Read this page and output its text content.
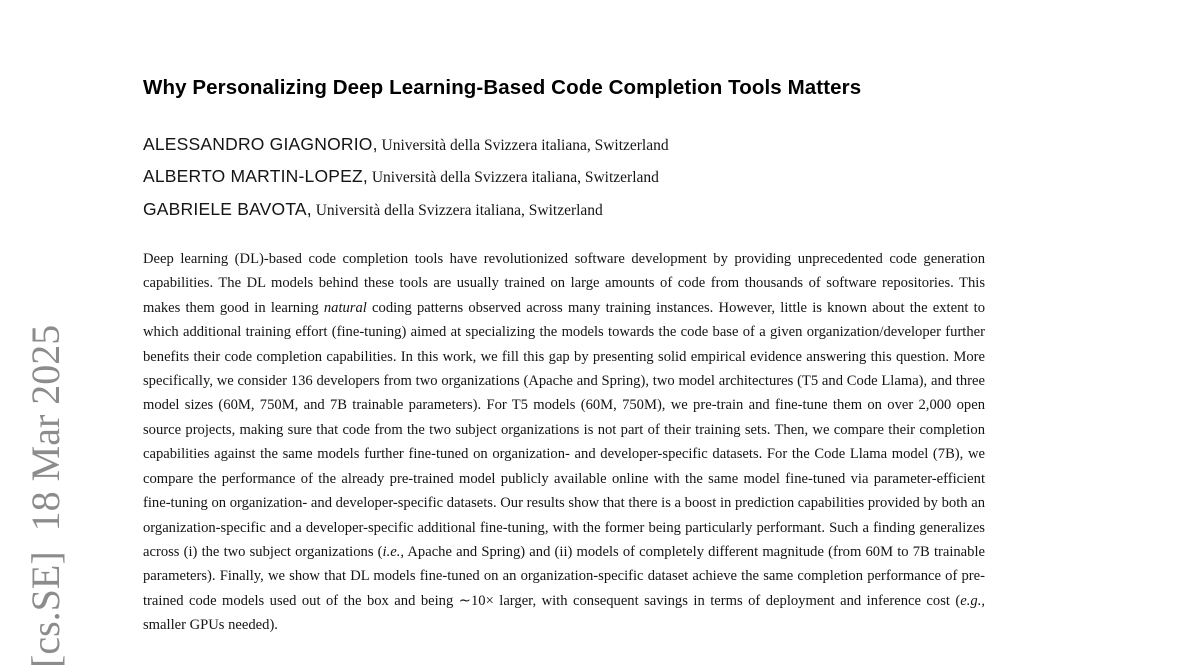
[cs.SE]  18 Mar 2025
Why Personalizing Deep Learning-Based Code Completion Tools Matters
ALESSANDRO GIAGNORIO, Università della Svizzera italiana, Switzerland
ALBERTO MARTIN-LOPEZ, Università della Svizzera italiana, Switzerland
GABRIELE BAVOTA, Università della Svizzera italiana, Switzerland

Deep learning (DL)-based code completion tools have revolutionized software development by providing unprecedented code generation capabilities. The DL models behind these tools are usually trained on large amounts of code from thousands of software repositories. This makes them good in learning natural coding patterns observed across many training instances. However, little is known about the extent to which additional training effort (fine-tuning) aimed at specializing the models towards the code base of a given organization/developer further benefits their code completion capabilities. In this work, we fill this gap by presenting solid empirical evidence answering this question. More specifically, we consider 136 developers from two organizations (Apache and Spring), two model architectures (T5 and Code Llama), and three model sizes (60M, 750M, and 7B trainable parameters). For T5 models (60M, 750M), we pre-train and fine-tune them on over 2,000 open source projects, making sure that code from the two subject organizations is not part of their training sets. Then, we compare their completion capabilities against the same models further fine-tuned on organization- and developer-specific datasets. For the Code Llama model (7B), we compare the performance of the already pre-trained model publicly available online with the same model fine-tuned via parameter-efficient fine-tuning on organization- and developer-specific datasets. Our results show that there is a boost in prediction capabilities provided by both an organization-specific and a developer-specific additional fine-tuning, with the former being particularly performant. Such a finding generalizes across (i) the two subject organizations (i.e., Apache and Spring) and (ii) models of completely different magnitude (from 60M to 7B trainable parameters). Finally, we show that DL models fine-tuned on an organization-specific dataset achieve the same completion performance of pre-trained code models used out of the box and being ∼10× larger, with consequent savings in terms of deployment and inference cost (e.g., smaller GPUs needed).
